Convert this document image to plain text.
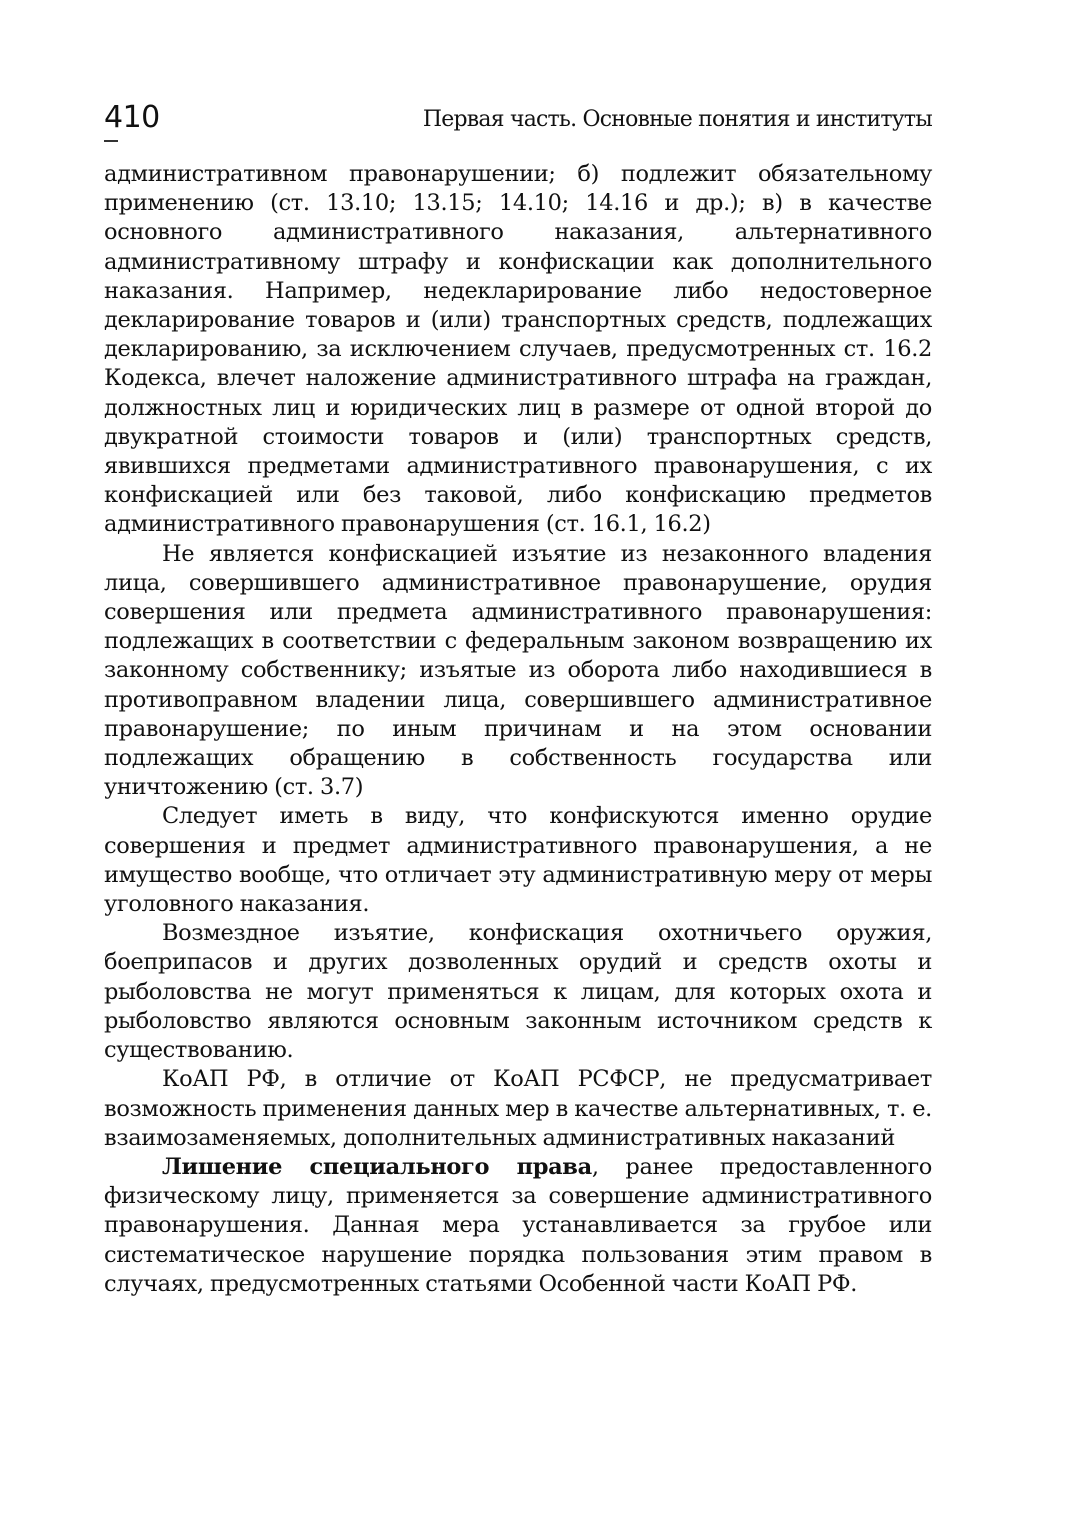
410	Первая часть. Основные понятия и институты

административном правонарушении; б) подлежит обязательному применению (ст. 13.10; 13.15; 14.10; 14.16 и др.); в) в качестве основного административного наказания, альтернативного административному штрафу и конфискации как дополнительного наказания. Например, недекларирование либо недостоверное декларирование товаров и (или) транспортных средств, подлежащих декларированию, за исключением случаев, предусмотренных ст. 16.2 Кодекса, влечет наложение административного штрафа на граждан, должностных лиц и юридических лиц в размере от одной второй до двукратной стоимости товаров и (или) транспортных средств, явившихся предметами административного правонарушения, с их конфискацией или без таковой, либо конфискацию предметов административного правонарушения (ст. 16.1, 16.2)

Не является конфискацией изъятие из незаконного владения лица, совершившего административное правонарушение, орудия совершения или предмета административного правонарушения: подлежащих в соответствии с федеральным законом возвращению их законному собственнику; изъятые из оборота либо находившиеся в противоправном владении лица, совершившего административное правонарушение; по иным причинам и на этом основании подлежащих обращению в собственность государства или уничтожению (ст. 3.7)

Следует иметь в виду, что конфискуются именно орудие совершения и предмет административного правонарушения, а не имущество вообще, что отличает эту административную меру от меры уголовного наказания.

Возмездное изъятие, конфискация охотничьего оружия, боеприпасов и других дозволенных орудий и средств охоты и рыболовства не могут применяться к лицам, для которых охота и рыболовство являются основным законным источником средств к существованию.

КоАП РФ, в отличие от КоАП РСФСР, не предусматривает возможность применения данных мер в качестве альтернативных, т. е. взаимозаменяемых, дополнительных административных наказаний

Лишение специального права, ранее предоставленного физическому лицу, применяется за совершение административного правонарушения. Данная мера устанавливается за грубое или систематическое нарушение порядка пользования этим правом в случаях, предусмотренных статьями Особенной части КоАП РФ.
